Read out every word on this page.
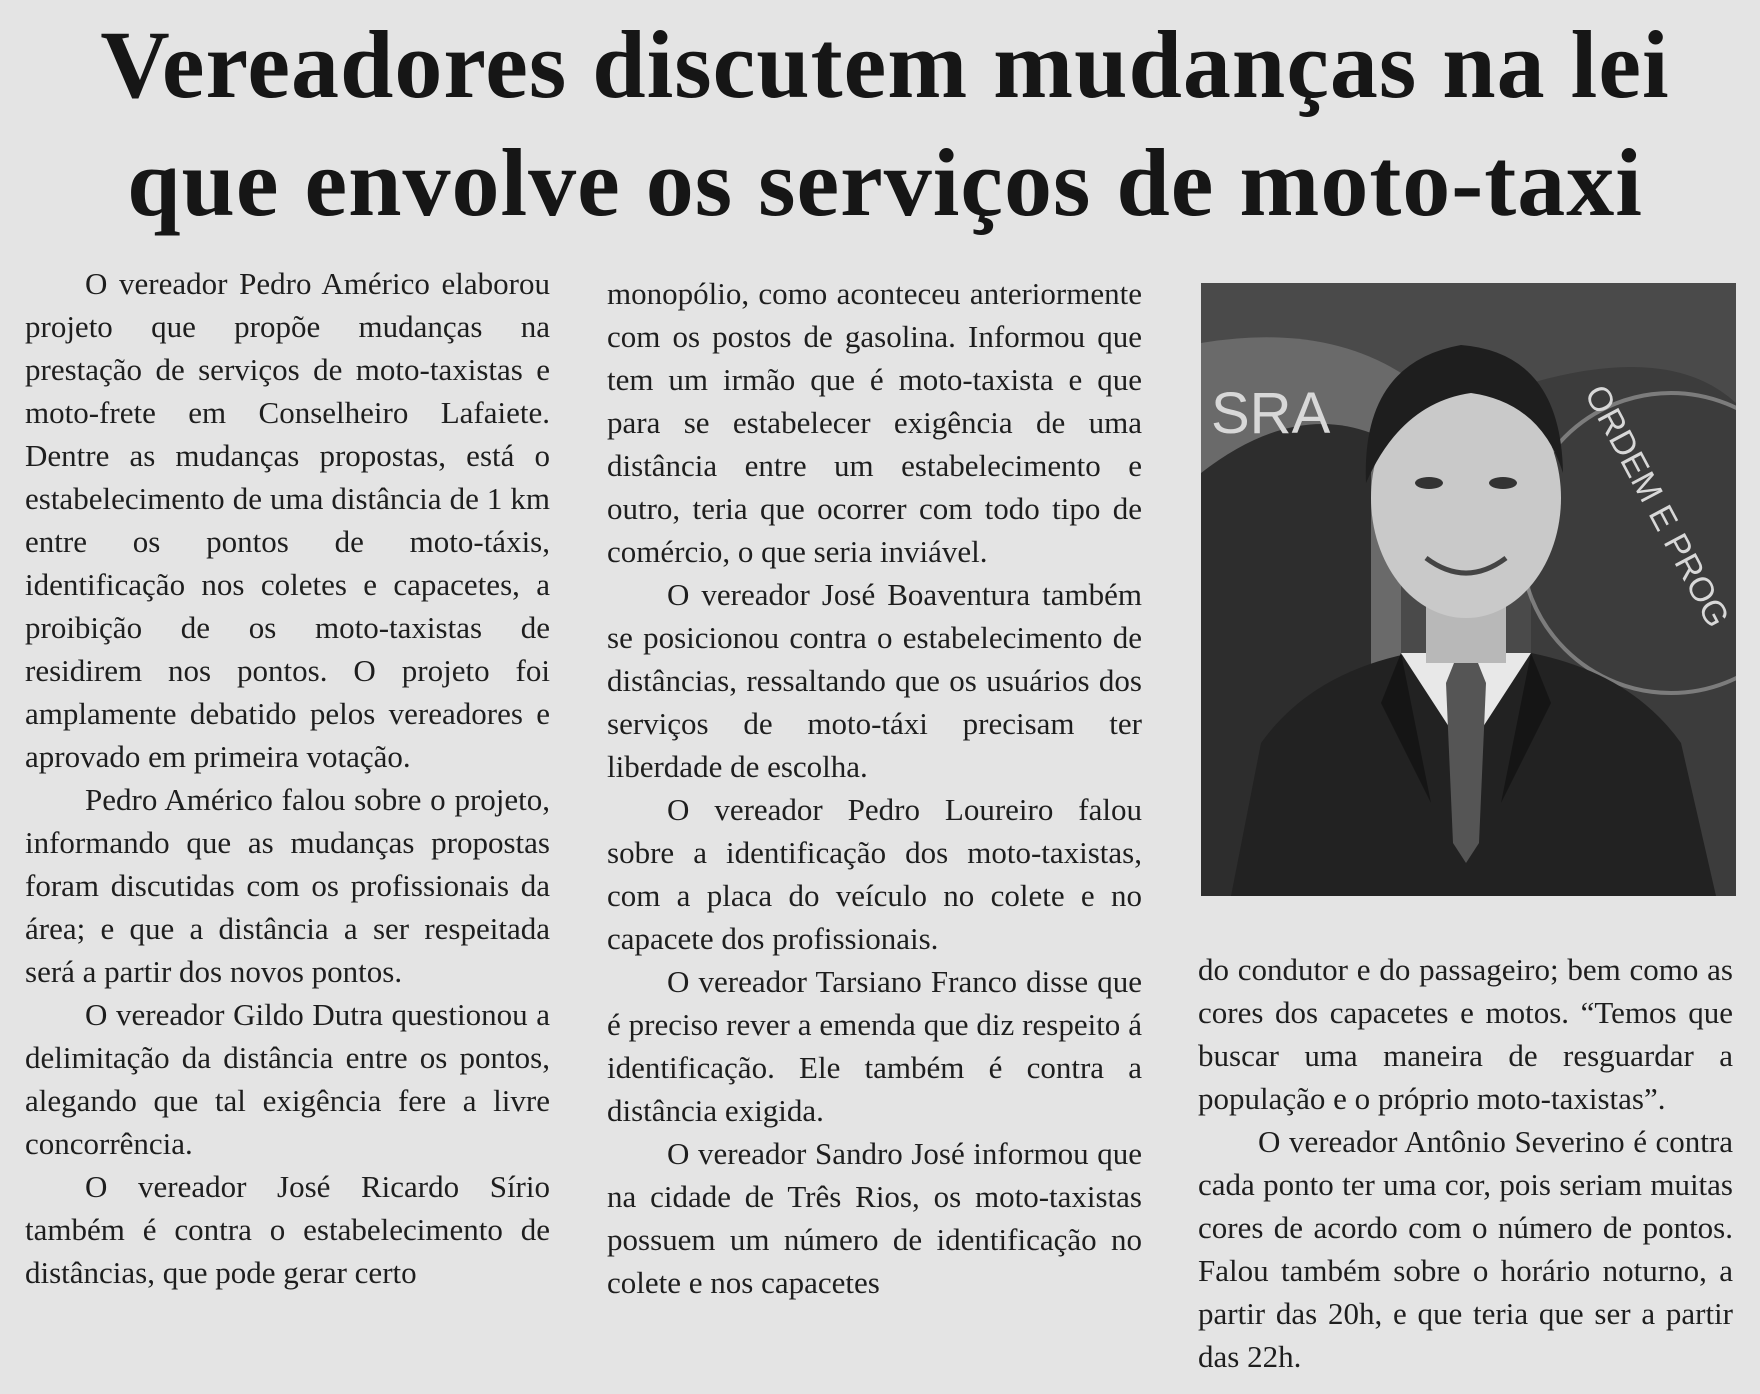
Vereadores discutem mudanças na lei
que envolve os serviços de moto-taxi

O vereador Pedro Américo elaborou projeto que propõe mudanças na prestação de serviços de moto-taxistas e moto-frete em Conselheiro Lafaiete. Dentre as mudanças propostas, está o estabelecimento de uma distância de 1 km entre os pontos de moto-táxis, identificação nos coletes e capacetes, a proibição de os moto-taxistas de residirem nos pontos. O projeto foi amplamente debatido pelos vereadores e aprovado em primeira votação.

Pedro Américo falou sobre o projeto, informando que as mudanças propostas foram discutidas com os profissionais da área; e que a distância a ser respeitada será a partir dos novos pontos.

O vereador Gildo Dutra questionou a delimitação da distância entre os pontos, alegando que tal exigência fere a livre concorrência.

O vereador José Ricardo Sírio também é contra o estabelecimento de distâncias, que pode gerar certo

monopólio, como aconteceu anteriormente com os postos de gasolina. Informou que tem um irmão que é moto-taxista e que para se estabelecer exigência de uma distância entre um estabelecimento e outro, teria que ocorrer com todo tipo de comércio, o que seria inviável.

O vereador José Boaventura também se posicionou contra o estabelecimento de distâncias, ressaltando que os usuários dos serviços de moto-táxi precisam ter liberdade de escolha.

O vereador Pedro Loureiro falou sobre a identificação dos moto-taxistas, com a placa do veículo no colete e no capacete dos profissionais.

O vereador Tarsiano Franco disse que é preciso rever a emenda que diz respeito á identificação. Ele também é contra a distância exigida.

O vereador Sandro José informou que na cidade de Três Rios, os moto-taxistas possuem um número de identificação no colete e nos capacetes

SRA	ORDEM E PROG

do condutor e do passageiro; bem como as cores dos capacetes e motos. “Temos que buscar uma maneira de resguardar a população e o próprio moto-taxistas”.

O vereador Antônio Severino é contra cada ponto ter uma cor, pois seriam muitas cores de acordo com o número de pontos. Falou também sobre o horário noturno, a partir das 20h, e que teria que ser a partir das 22h.
